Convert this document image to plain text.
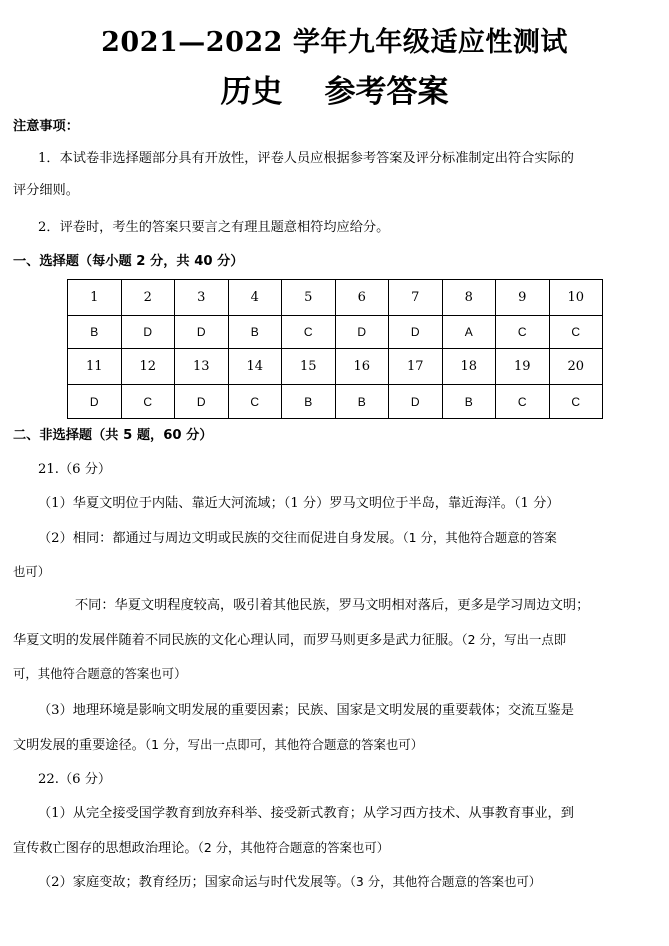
2021—2022 学年九年级适应性测试
历史 参考答案
注意事项：
1．本试卷非选择题部分具有开放性，评卷人员应根据参考答案及评分标准制定出符合实际的
评分细则。
2．评卷时，考生的答案只要言之有理且题意相符均应给分。
一、选择题（每小题 2 分，共 40 分）
1	2	3	4	5	6	7	8	9	10
B	D	D	B	C	D	D	A	C	C
11	12	13	14	15	16	17	18	19	20
D	C	D	C	B	B	D	B	C	C
二、非选择题（共 5 题，60 分）
21.（6 分）
（1）华夏文明位于内陆、靠近大河流域；（1 分）罗马文明位于半岛，靠近海洋。（1 分）
（2）相同：都通过与周边文明或民族的交往而促进自身发展。（1 分，其他符合题意的答案
也可）
不同：华夏文明程度较高，吸引着其他民族，罗马文明相对落后，更多是学习周边文明；
华夏文明的发展伴随着不同民族的文化心理认同，而罗马则更多是武力征服。（2 分，写出一点即
可，其他符合题意的答案也可）
（3）地理环境是影响文明发展的重要因素；民族、国家是文明发展的重要载体；交流互鉴是
文明发展的重要途径。（1 分，写出一点即可，其他符合题意的答案也可）
22.（6 分）
（1）从完全接受国学教育到放弃科举、接受新式教育；从学习西方技术、从事教育事业，到
宣传救亡图存的思想政治理论。（2 分，其他符合题意的答案也可）
（2）家庭变故；教育经历；国家命运与时代发展等。（3 分，其他符合题意的答案也可）
